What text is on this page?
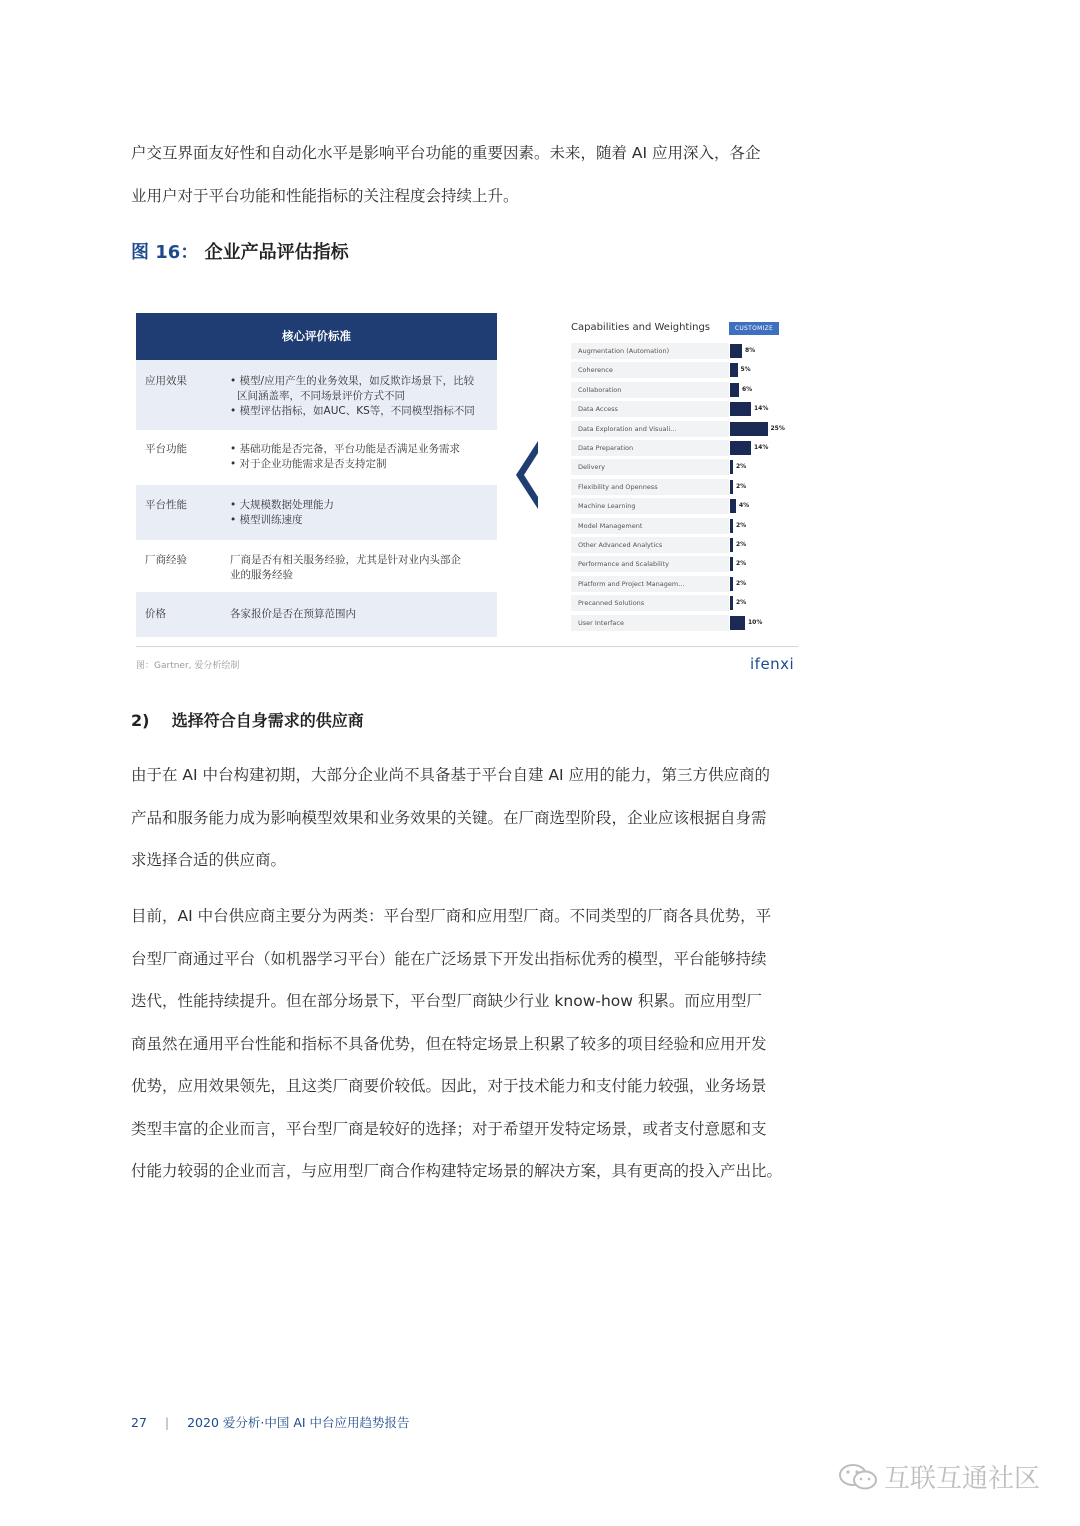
户交互界面友好性和自动化水平是影响平台功能的重要因素。未来，随着 AI 应用深入，各企
业用户对于平台功能和性能指标的关注程度会持续上升。
图 16： 企业产品评估指标
核心评价标准
应用效果	• 模型/应用产生的业务效果，如反欺诈场景下，比较
区间涵盖率，不同场景评价方式不同
• 模型评估指标，如AUC、KS等，不同模型指标不同
平台功能	• 基础功能是否完备，平台功能是否满足业务需求
• 对于企业功能需求是否支持定制
平台性能	• 大规模数据处理能力
• 模型训练速度
厂商经验	厂商是否有相关服务经验，尤其是针对业内头部企
业的服务经验
价格	各家报价是否在预算范围内
Capabilities and Weightings	CUSTOMIZE
Augmentation (Automation)	8%
Coherence	5%
Collaboration	6%
Data Access	14%
Data Exploration and Visuali...	25%
Data Preparation	14%
Delivery	2%
Flexibility and Openness	2%
Machine Learning	4%
Model Management	2%
Other Advanced Analytics	2%
Performance and Scalability	2%
Platform and Project Managem...	2%
Precanned Solutions	2%
User Interface	10%
图：Gartner, 爱分析绘制	ifenxi
2)    选择符合自身需求的供应商
由于在 AI 中台构建初期，大部分企业尚不具备基于平台自建 AI 应用的能力，第三方供应商的
产品和服务能力成为影响模型效果和业务效果的关键。在厂商选型阶段，企业应该根据自身需
求选择合适的供应商。
目前，AI 中台供应商主要分为两类：平台型厂商和应用型厂商。不同类型的厂商各具优势，平
台型厂商通过平台（如机器学习平台）能在广泛场景下开发出指标优秀的模型，平台能够持续
迭代，性能持续提升。但在部分场景下，平台型厂商缺少行业 know-how 积累。而应用型厂
商虽然在通用平台性能和指标不具备优势，但在特定场景上积累了较多的项目经验和应用开发
优势，应用效果领先，且这类厂商要价较低。因此，对于技术能力和支付能力较强，业务场景
类型丰富的企业而言，平台型厂商是较好的选择；对于希望开发特定场景，或者支付意愿和支
付能力较弱的企业而言，与应用型厂商合作构建特定场景的解决方案，具有更高的投入产出比。
27 | 2020 爱分析·中国 AI 中台应用趋势报告
互联互通社区
